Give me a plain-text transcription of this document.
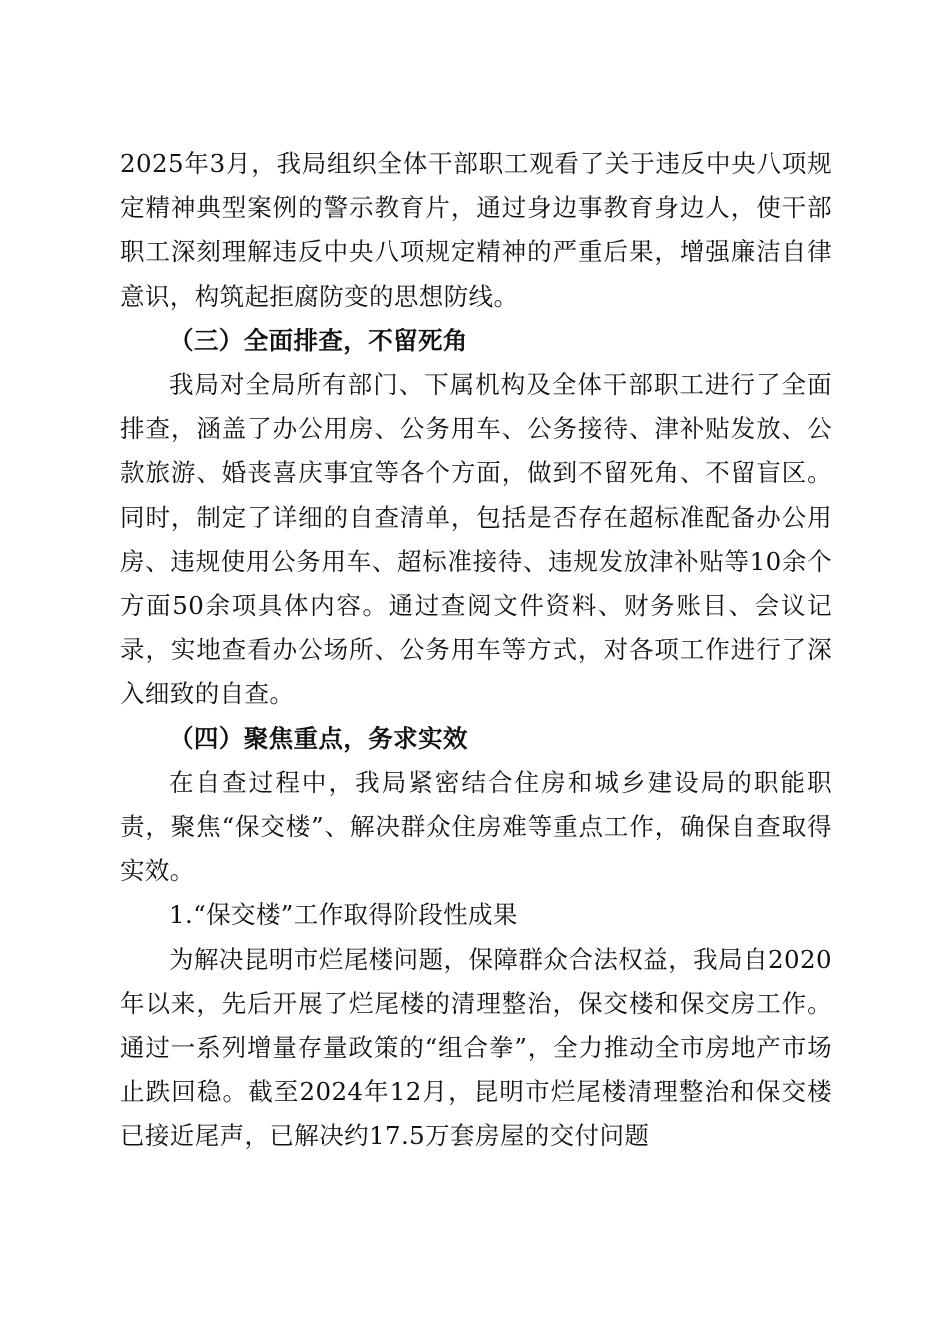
2025年3月，我局组织全体干部职工观看了关于违反中央八项规定精神典型案例的警示教育片，通过身边事教育身边人，使干部职工深刻理解违反中央八项规定精神的严重后果，增强廉洁自律意识，构筑起拒腐防变的思想防线。

（三）全面排查，不留死角

我局对全局所有部门、下属机构及全体干部职工进行了全面排查，涵盖了办公用房、公务用车、公务接待、津补贴发放、公款旅游、婚丧喜庆事宜等各个方面，做到不留死角、不留盲区。同时，制定了详细的自查清单，包括是否存在超标准配备办公用房、违规使用公务用车、超标准接待、违规发放津补贴等10余个方面50余项具体内容。通过查阅文件资料、财务账目、会议记录，实地查看办公场所、公务用车等方式，对各项工作进行了深入细致的自查。

（四）聚焦重点，务求实效

在自查过程中，我局紧密结合住房和城乡建设局的职能职责，聚焦“保交楼”、解决群众住房难等重点工作，确保自查取得实效。

1.“保交楼”工作取得阶段性成果

为解决昆明市烂尾楼问题，保障群众合法权益，我局自2020年以来，先后开展了烂尾楼的清理整治，保交楼和保交房工作。通过一系列增量存量政策的“组合拳”，全力推动全市房地产市场止跌回稳。截至2024年12月，昆明市烂尾楼清理整治和保交楼已接近尾声，已解决约17.5万套房屋的交付问题
